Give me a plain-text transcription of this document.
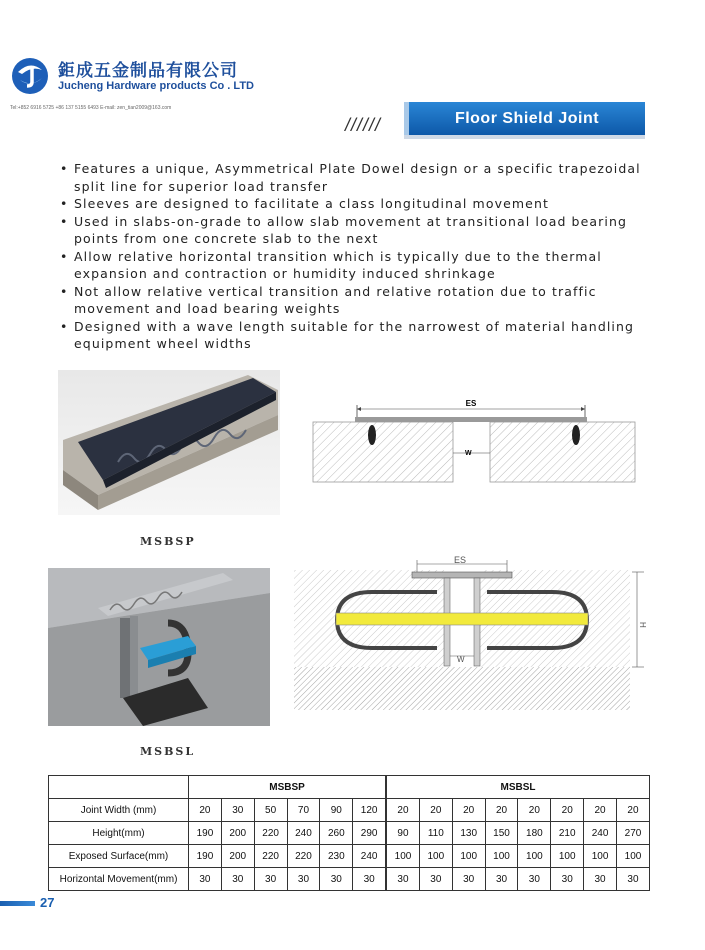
鉅成五金制品有限公司
Jucheng Hardware products Co . LTD
Tel:+852 6916 5725 +86 137 5155 6493 E-mail: zen_tian2009@163.com
//////	Floor Shield Joint
• Features a unique, Asymmetrical Plate Dowel design or a specific trapezoidal split line for superior load transfer
• Sleeves are designed to facilitate a class longitudinal movement
• Used in slabs-on-grade to allow slab movement at transitional load bearing points from one concrete slab to the next
• Allow relative horizontal transition which is typically due to the thermal expansion and contraction or humidity induced shrinkage
• Not allow relative vertical transition and relative rotation due to traffic movement and load bearing weights
• Designed with a wave length suitable for the narrowest of material handling equipment wheel widths
ES
W
MSBSP
ES
W
H
MSBSL
	MSBSP						MSBSL							
Joint Width (mm)	20	30	50	70	90	120		20	20	20	20	20	20	20	20
Height(mm)	190	200	220	240	260	290		90	110	130	150	180	210	240	270
Exposed Surface(mm)	190	200	220	220	230	240		100	100	100	100	100	100	100	100
Horizontal Movement(mm)	30	30	30	30	30	30		30	30	30	30	30	30	30	30
27
